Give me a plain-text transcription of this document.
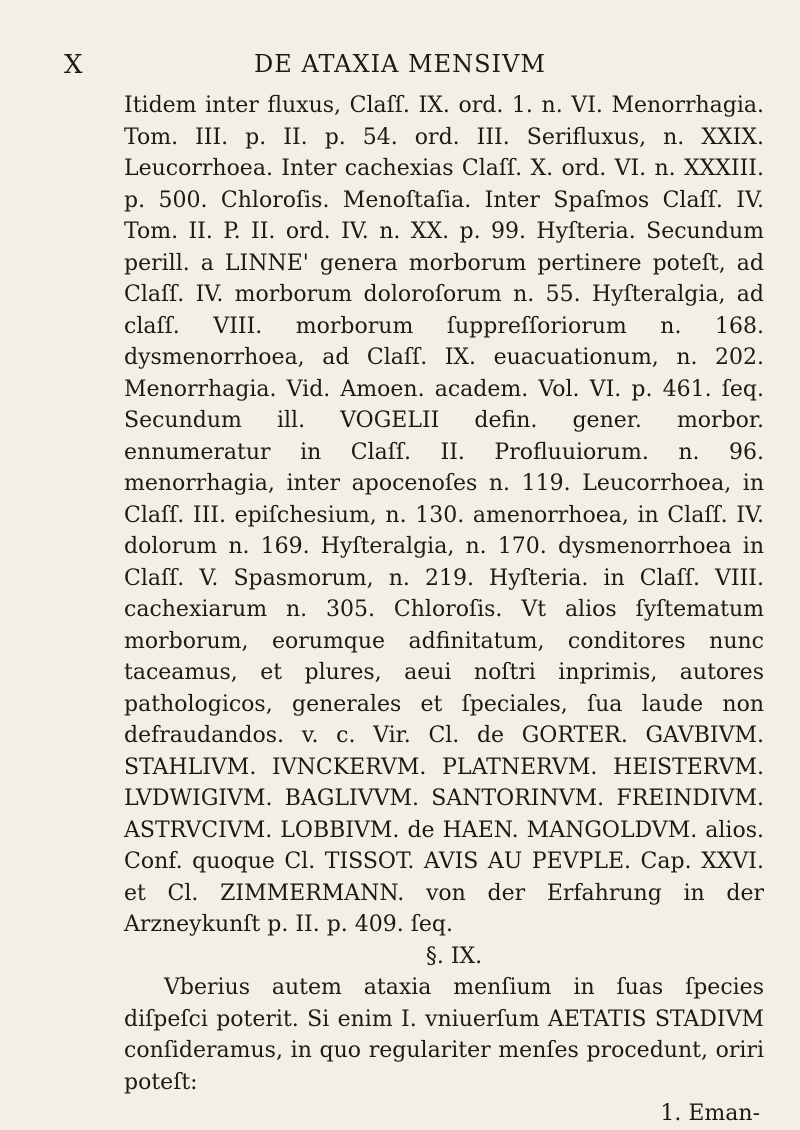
X	DE ATAXIA MENSIVM

Itidem inter fluxus, Claſſ. IX. ord. 1. n. VI. Menorrhagia. Tom. III. p. II. p. 54. ord. III. Serifluxus, n. XXIX. Leucorrhoea. Inter cachexias Claſſ. X. ord. VI. n. XXXIII. p. 500. Chloroſis. Menoſtaſia. Inter Spaſmos Claſſ. IV. Tom. II. P. II. ord. IV. n. XX. p. 99. Hyſteria. Secundum perill. a LINNE' genera morborum pertinere poteſt, ad Claſſ. IV. morborum doloroſorum n. 55. Hyſteralgia, ad claſſ. VIII. morborum ſuppreſſoriorum n. 168. dysmenorrhoea, ad Claſſ. IX. euacuationum, n. 202. Menorrhagia. Vid. Amoen. academ. Vol. VI. p. 461. ſeq. Secundum ill. VOGELII defin. gener. morbor. ennumeratur in Claſſ. II. Profluuiorum. n. 96. menorrhagia, inter apocenoſes n. 119. Leucorrhoea, in Claſſ. III. epiſchesium, n. 130. amenorrhoea, in Claſſ. IV. dolorum n. 169. Hyſteralgia, n. 170. dysmenorrhoea in Claſſ. V. Spasmorum, n. 219. Hyſteria. in Claſſ. VIII. cachexiarum n. 305. Chloroſis. Vt alios ſyſtematum morborum, eorumque adfinitatum, conditores nunc taceamus, et plures, aeui noſtri inprimis, autores pathologicos, generales et ſpeciales, ſua laude non defraudandos. v. c. Vir. Cl. de GORTER. GAVBIVM. STAHLIVM. IVNCKERVM. PLATNERVM. HEISTERVM. LVDWIGIVM. BAGLIVVM. SANTORINVM. FREINDIVM. ASTRVCIVM. LOBBIVM. de HAEN. MANGOLDVM. alios. Conf. quoque Cl. TISSOT. AVIS AU PEVPLE. Cap. XXVI. et Cl. ZIMMERMANN. von der Erfahrung in der Arzneykunſt p. II. p. 409. ſeq.

§. IX.

Vberius autem ataxia menſium in ſuas ſpecies diſpeſci poterit. Si enim I. vniuerſum AETATIS STADIVM conſideramus, in quo regulariter menſes procedunt, oriri poteſt:

1. Eman-
